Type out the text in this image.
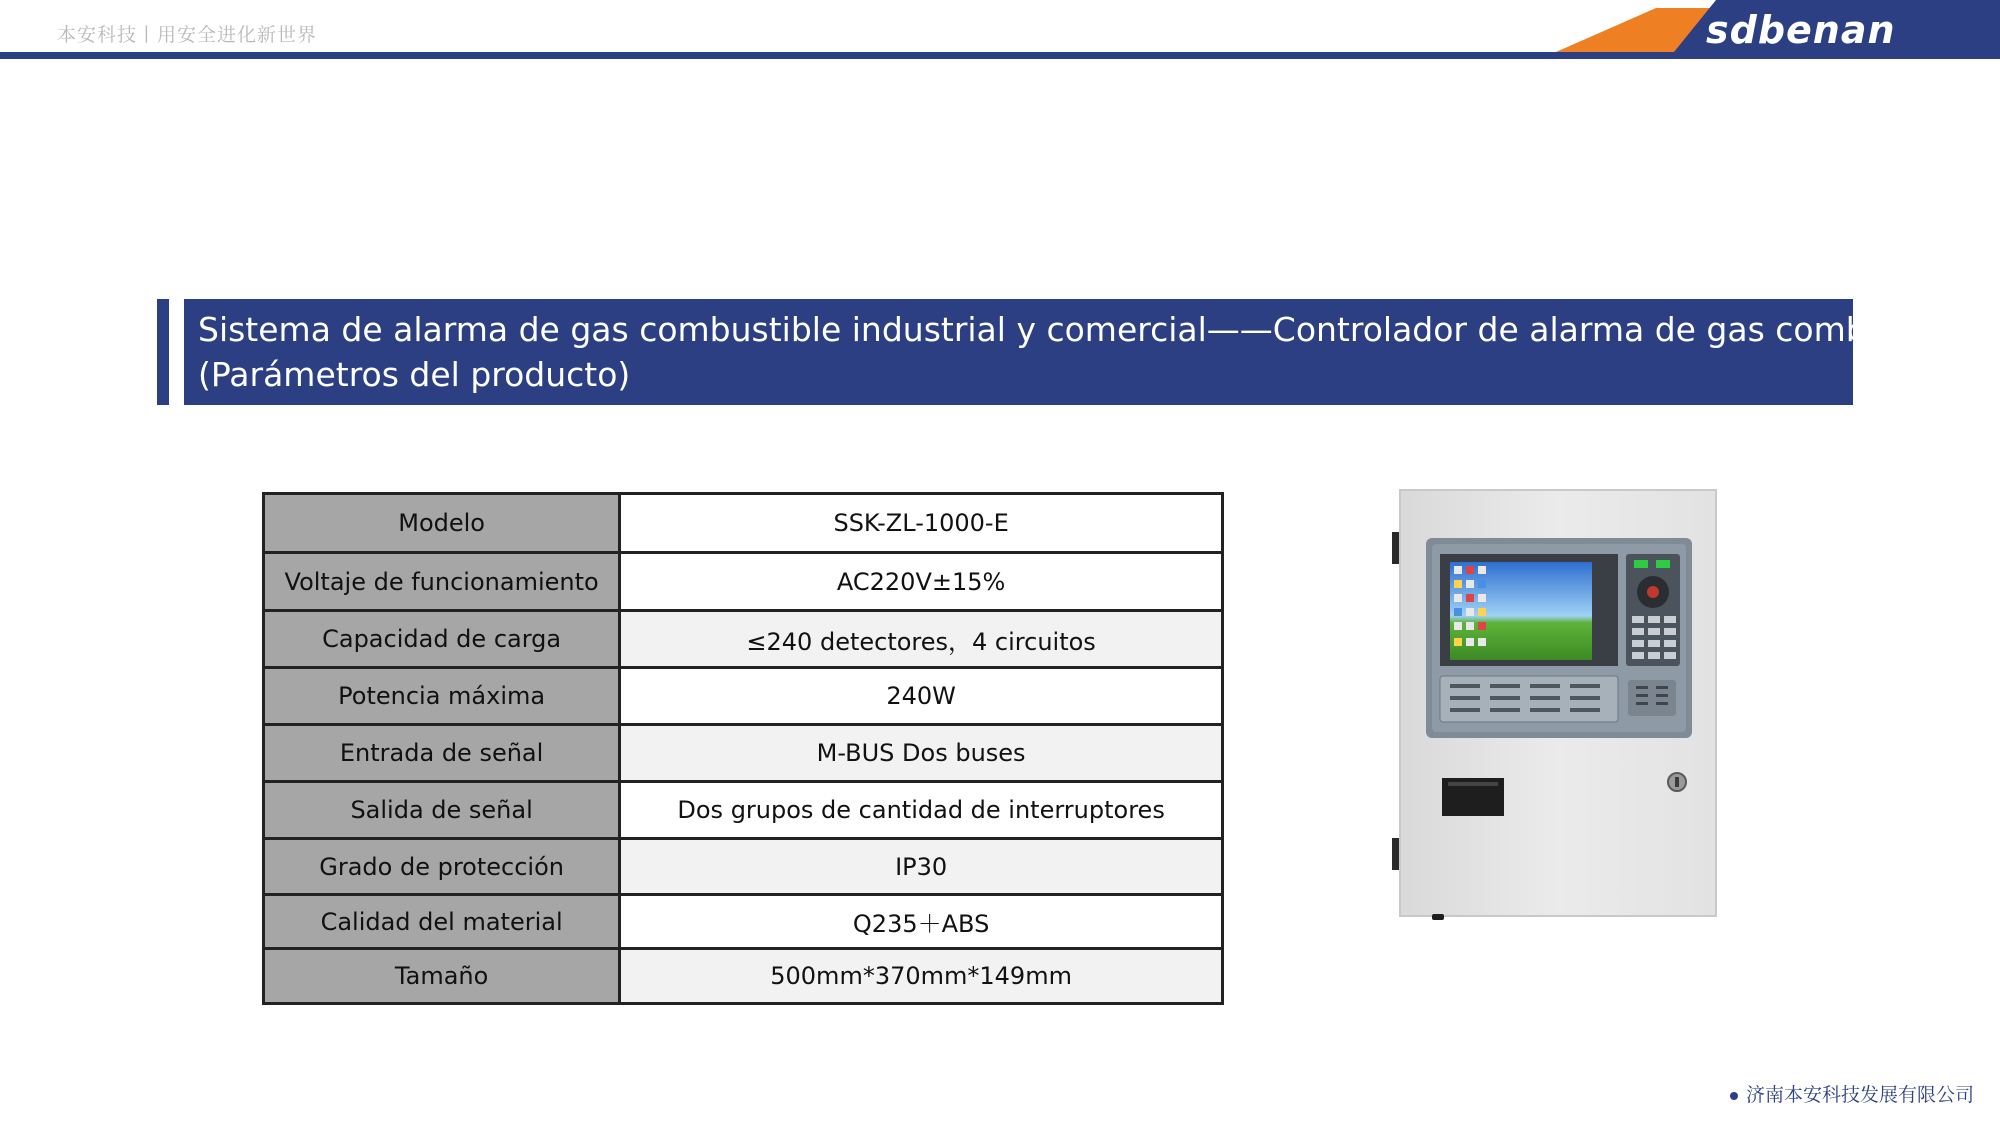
本安科技丨用安全进化新世界	sdbenan
Sistema de alarma de gas combustible industrial y comercial——Controlador de alarma de gas combustible
(Parámetros del producto)
Modelo	SSK-ZL-1000-E
Voltaje de funcionamiento	AC220V±15%
Capacidad de carga	≤240 detectores，4 circuitos
Potencia máxima	240W
Entrada de señal	M-BUS Dos buses
Salida de señal	Dos grupos de cantidad de interruptores
Grado de protección	IP30
Calidad del material	Q235＋ABS
Tamaño	500mm*370mm*149mm
济南本安科技发展有限公司
